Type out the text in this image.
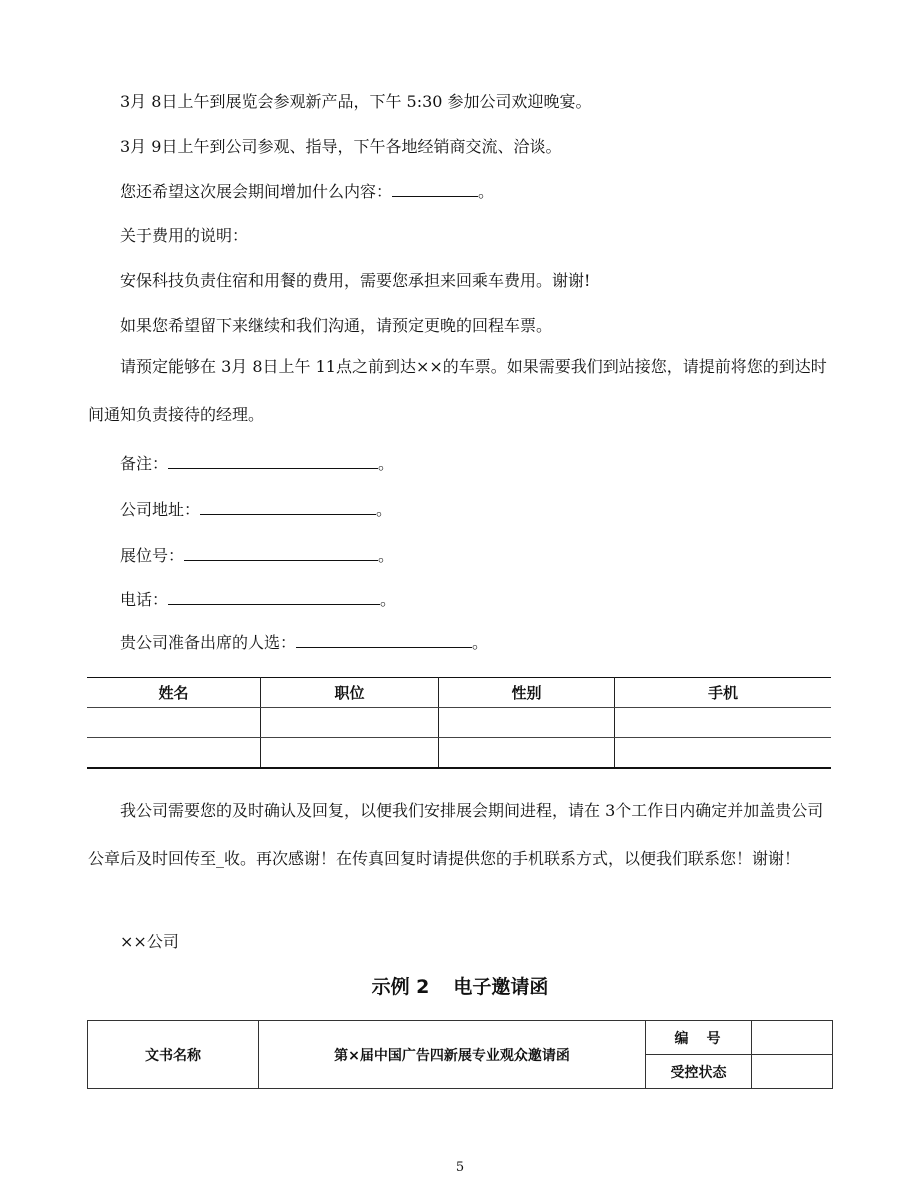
3月 8日上午到展览会参观新产品，下午 5:30 参加公司欢迎晚宴。
3月 9日上午到公司参观、指导，下午各地经销商交流、洽谈。
您还希望这次展会期间增加什么内容：	。
关于费用的说明：
安保科技负责住宿和用餐的费用，需要您承担来回乘车费用。谢谢!
如果您希望留下来继续和我们沟通，请预定更晚的回程车票。
请预定能够在 3月 8日上午 11点之前到达××的车票。如果需要我们到站接您，请提前将您的到达时间通知负责接待的经理。
备注：	。
公司地址：	。
展位号：	。
电话：	。
贵公司准备出席的人选：	。
姓名	职位	性别	手机

我公司需要您的及时确认及回复，以便我们安排展会期间进程，请在 3个工作日内确定并加盖贵公司公章后及时回传至_收。再次感谢！在传真回复时请提供您的手机联系方式，以便我们联系您！谢谢！
××公司
示例 2 电子邀请函
文书名称	第×届中国广告四新展专业观众邀请函	编　号	
		受控状态	
5
